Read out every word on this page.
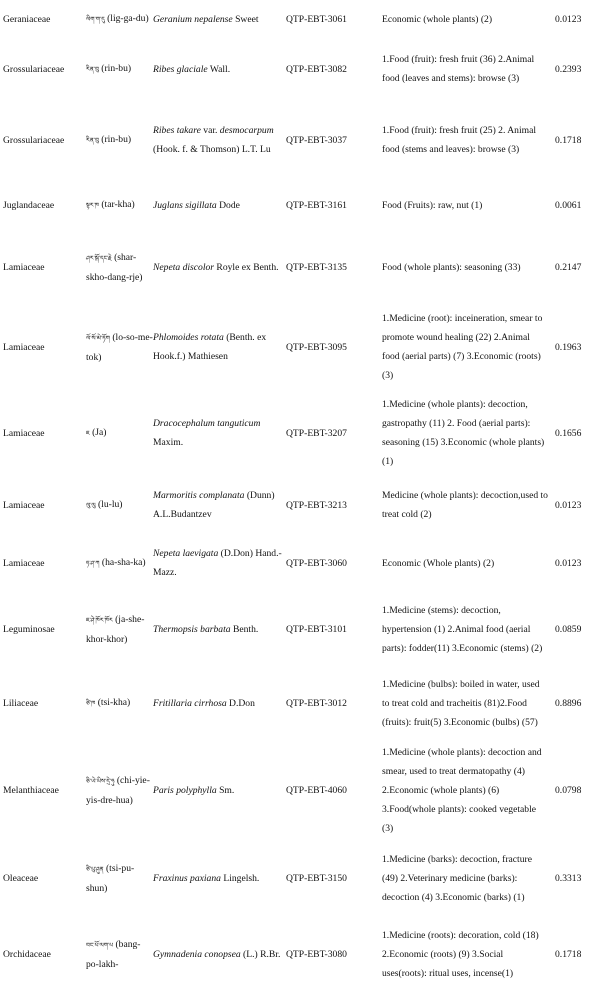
Geraniaceae	ལིག་ག་དུ (lig-ga-du)	Geranium nepalense Sweet	QTP-EBT-3061	Economic (whole plants) (2)	0.0123
Grossulariaceae	རིན་བུ (rin-bu)	Ribes glaciale Wall.	QTP-EBT-3082	1.Food (fruit): fresh fruit (36) 2.Animal food (leaves and stems): browse (3)	0.2393
Grossulariaceae	རིན་བུ (rin-bu)	Ribes takare var. desmocarpum (Hook. f. & Thomson) L.T. Lu	QTP-EBT-3037	1.Food (fruit): fresh fruit (25) 2. Animal food (stems and leaves): browse (3)	0.1718
Juglandaceae	སྟར་ཁ (tar-kha)	Juglans sigillata Dode	QTP-EBT-3161	Food (Fruits): raw, nut (1)	0.0061
Lamiaceae	ཤར་སྐོ་དང་རྗེ (shar-skho-dang-rje)	Nepeta discolor Royle ex Benth.	QTP-EBT-3135	Food (whole plants): seasoning (33)	0.2147
Lamiaceae	ལོ་སོ་མེ་ཏོག (lo-so-me-tok)	Phlomoides rotata (Benth. ex Hook.f.) Mathiesen	QTP-EBT-3095	1.Medicine (root): inceineration, smear to promote wound healing (22) 2.Animal food (aerial parts) (7) 3.Economic (roots) (3)	0.1963
Lamiaceae	ཇ (Ja)	Dracocephalum tanguticum Maxim.	QTP-EBT-3207	1.Medicine (whole plants): decoction, gastropathy (11) 2. Food (aerial parts): seasoning (15) 3.Economic (whole plants)(1)	0.1656
Lamiaceae	ལུ་ལུ (lu-lu)	Marmoritis complanata (Dunn) A.L.Budantzev	QTP-EBT-3213	Medicine (whole plants): decoction,used to treat cold (2)	0.0123
Lamiaceae	ཧ་ཤ་ཀ (ha-sha-ka)	Nepeta laevigata (D.Don) Hand.-Mazz.	QTP-EBT-3060	Economic (Whole plants) (2)	0.0123
Leguminosae	ཇ་ཤེ་ཁོར་ཁོར (ja-she-khor-khor)	Thermopsis barbata Benth.	QTP-EBT-3101	1.Medicine (stems): decoction, hypertension (1) 2.Animal food (aerial parts): fodder(11) 3.Economic (stems) (2)	0.0859
Liliaceae	ཙི་ཁ (tsi-kha)	Fritillaria cirrhosa D.Don	QTP-EBT-3012	1.Medicine (bulbs): boiled in water, used to treat cold and tracheitis (81)2.Food (fruits): fruit(5) 3.Economic (bulbs) (57)	0.8896
Melanthiaceae	ཅི་ཡེ་ཡིས་དྲེ་ཧུ (chi-yie-yis-dre-hua)	Paris polyphylla Sm.	QTP-EBT-4060	1.Medicine (whole plants): decoction and smear, used to treat dermatopathy (4) 2.Economic (whole plants) (6) 3.Food(whole plants): cooked vegetable (3)	0.0798
Oleaceae	ཙི་པུ་ཤུན (tsi-pu-shun)	Fraxinus paxiana Lingelsh.	QTP-EBT-3150	1.Medicine (barks): decoction, fracture (49) 2.Veterinary medicine (barks): decoction (4) 3.Economic (barks) (1)	0.3313
Orchidaceae	བང་པོ་ལག་པ (bang-po-lakh-	Gymnadenia conopsea (L.) R.Br.	QTP-EBT-3080	1.Medicine (roots): decoration, cold (18) 2.Economic (roots) (9) 3.Social uses(roots): ritual uses, incense(1)	0.1718
